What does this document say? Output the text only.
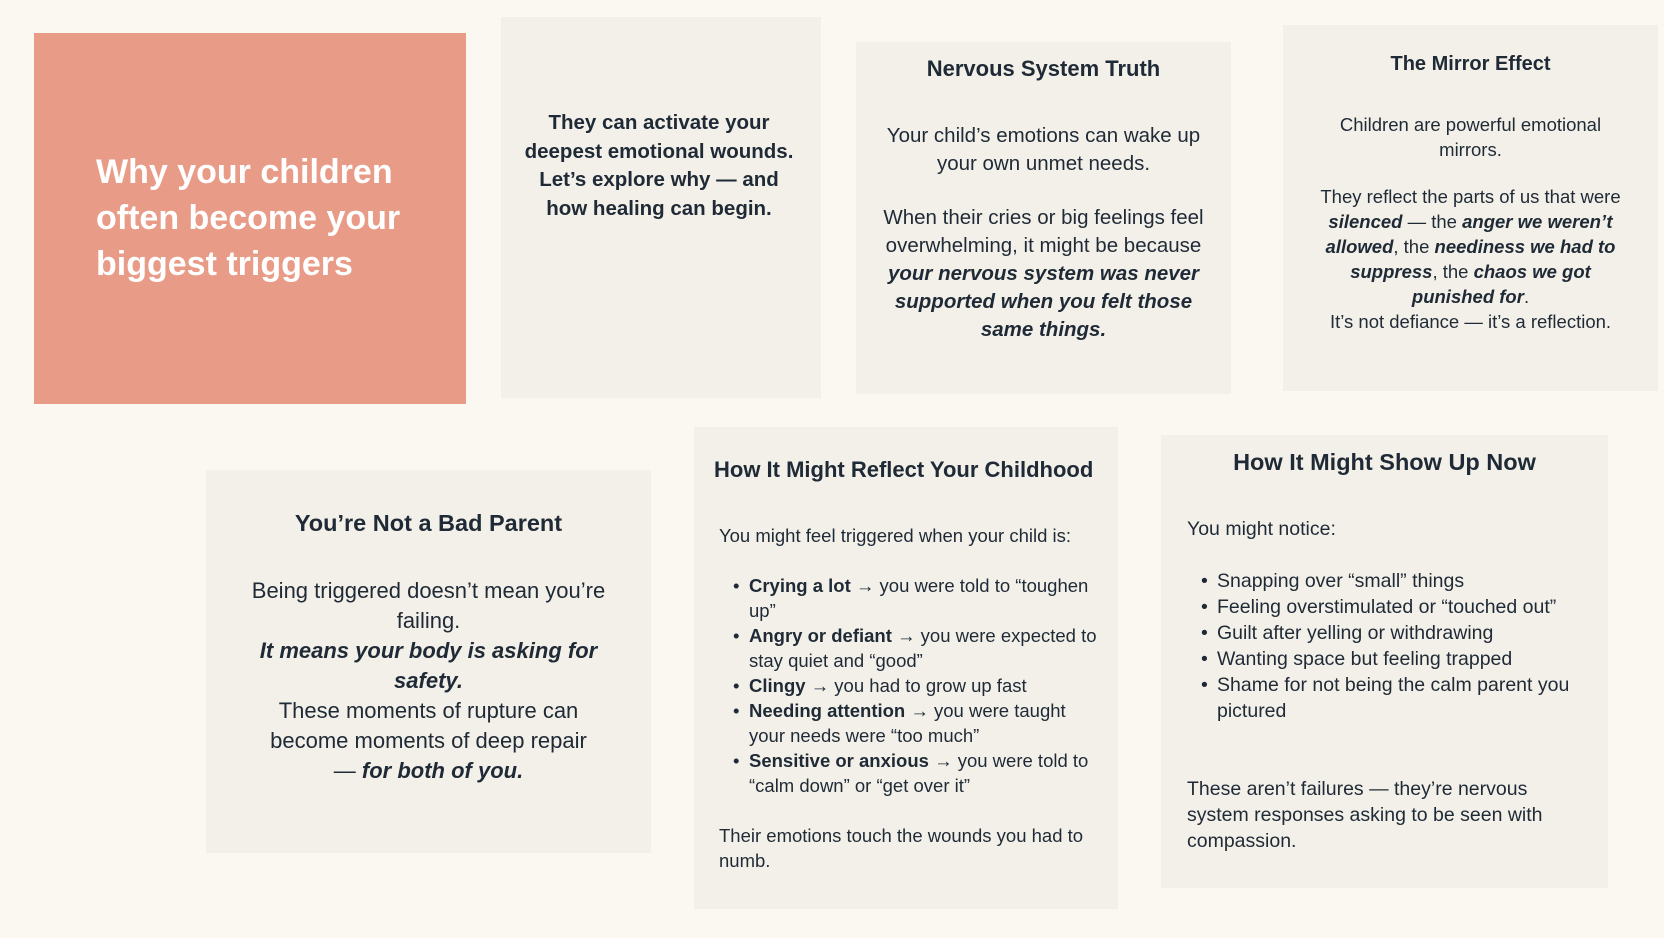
Why your children often become your biggest triggers

They can activate your deepest emotional wounds.

Let’s explore why — and how healing can begin.

Nervous System Truth

Your child’s emotions can wake up your own unmet needs.

When their cries or big feelings feel overwhelming, it might be because your nervous system was never supported when you felt those same things.

The Mirror Effect

Children are powerful emotional mirrors.

They reflect the parts of us that were silenced — the anger we weren’t allowed, the neediness we had to suppress, the chaos we got punished for.

It’s not defiance — it’s a reflection.

You’re Not a Bad Parent

Being triggered doesn’t mean you’re failing.

It means your body is asking for safety.

These moments of rupture can become moments of deep repair

— for both of you.

How It Might Reflect Your Childhood

You might feel triggered when your child is:

• Crying a lot → you were told to “toughen up”
• Angry or defiant → you were expected to stay quiet and “good”
• Clingy → you had to grow up fast
• Needing attention → you were taught your needs were “too much”
• Sensitive or anxious → you were told to “calm down” or “get over it”

Their emotions touch the wounds you had to numb.

How It Might Show Up Now

You might notice:

• Snapping over “small” things
• Feeling overstimulated or “touched out”
• Guilt after yelling or withdrawing
• Wanting space but feeling trapped
• Shame for not being the calm parent you pictured

These aren’t failures — they’re nervous system responses asking to be seen with compassion.
